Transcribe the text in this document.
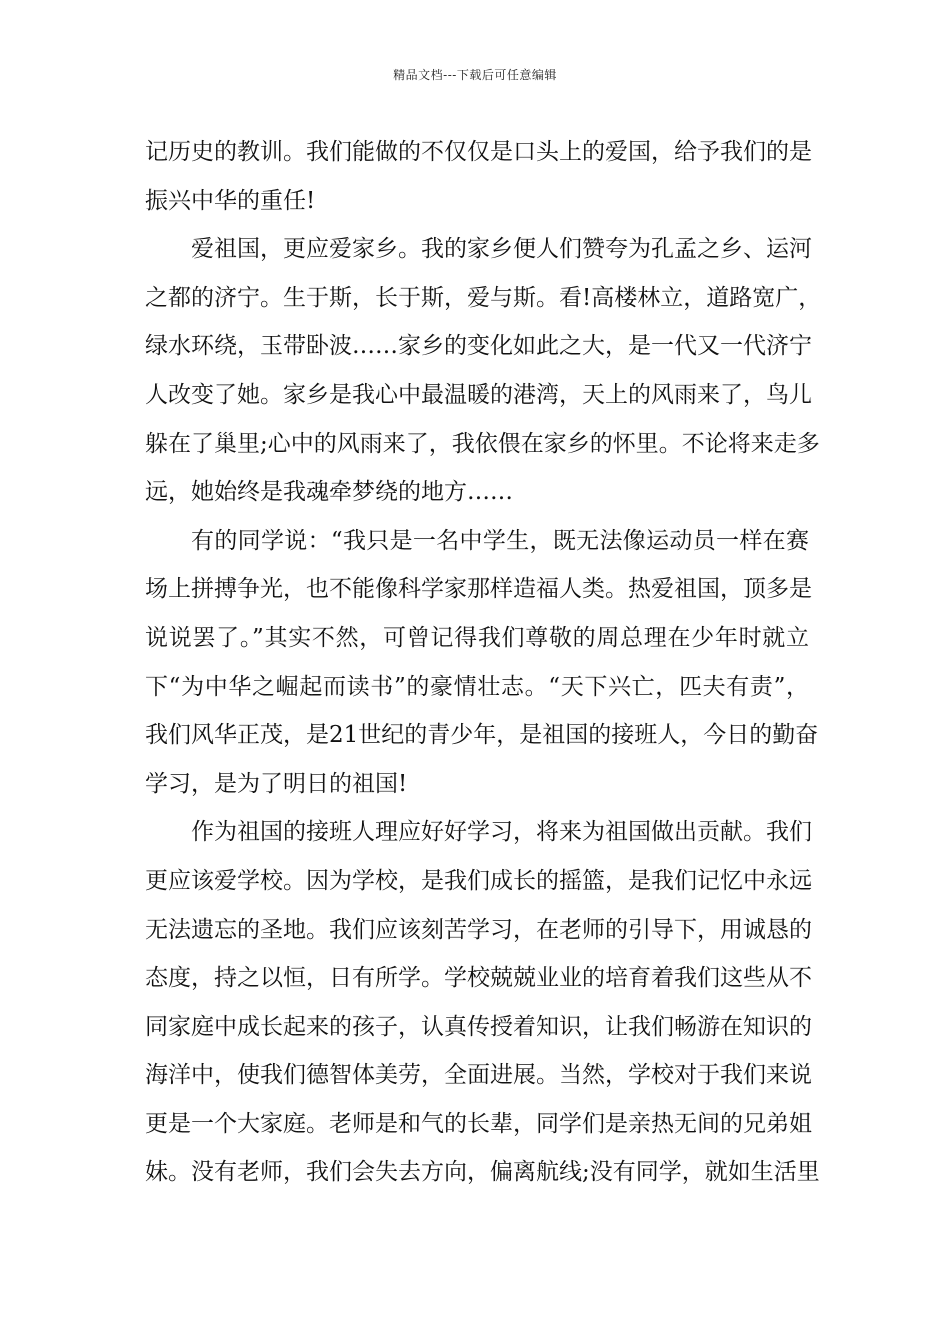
精品文档---下载后可任意编辑
记历史的教训。我们能做的不仅仅是口头上的爱国，给予我们的是
振兴中华的重任!
爱祖国，更应爱家乡。我的家乡便人们赞夸为孔孟之乡、运河
之都的济宁。生于斯，长于斯，爱与斯。看!高楼林立，道路宽广，
绿水环绕，玉带卧波……家乡的变化如此之大，是一代又一代济宁
人改变了她。家乡是我心中最温暖的港湾，天上的风雨来了，鸟儿
躲在了巢里;心中的风雨来了，我依偎在家乡的怀里。不论将来走多
远，她始终是我魂牵梦绕的地方……
有的同学说：“我只是一名中学生，既无法像运动员一样在赛
场上拼搏争光，也不能像科学家那样造福人类。热爱祖国，顶多是
说说罢了。”其实不然，可曾记得我们尊敬的周总理在少年时就立
下“为中华之崛起而读书”的豪情壮志。“天下兴亡，匹夫有责”，
我们风华正茂，是21世纪的青少年，是祖国的接班人，今日的勤奋
学习，是为了明日的祖国!
作为祖国的接班人理应好好学习，将来为祖国做出贡献。我们
更应该爱学校。因为学校，是我们成长的摇篮，是我们记忆中永远
无法遗忘的圣地。我们应该刻苦学习，在老师的引导下，用诚恳的
态度，持之以恒，日有所学。学校兢兢业业的培育着我们这些从不
同家庭中成长起来的孩子，认真传授着知识，让我们畅游在知识的
海洋中，使我们德智体美劳，全面进展。当然，学校对于我们来说
更是一个大家庭。老师是和气的长辈，同学们是亲热无间的兄弟姐
妹。没有老师，我们会失去方向，偏离航线;没有同学，就如生活里
